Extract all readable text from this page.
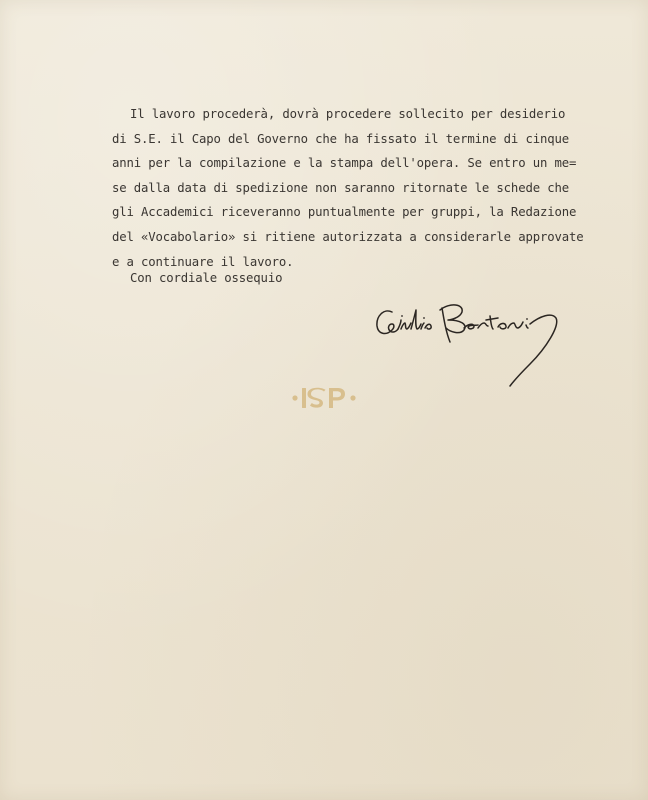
Il lavoro procederà, dovrà procedere sollecito per desiderio
di S.E. il Capo del Governo che ha fissato il termine di cinque
anni per la compilazione e la stampa dell'opera. Se entro un me=
se dalla data di spedizione non saranno ritornate le schede che
gli Accademici riceveranno puntualmente per gruppi, la Redazione
del «Vocabolario» si ritiene autorizzata a considerarle approvate
e a continuare il lavoro.
Con cordiale ossequio
